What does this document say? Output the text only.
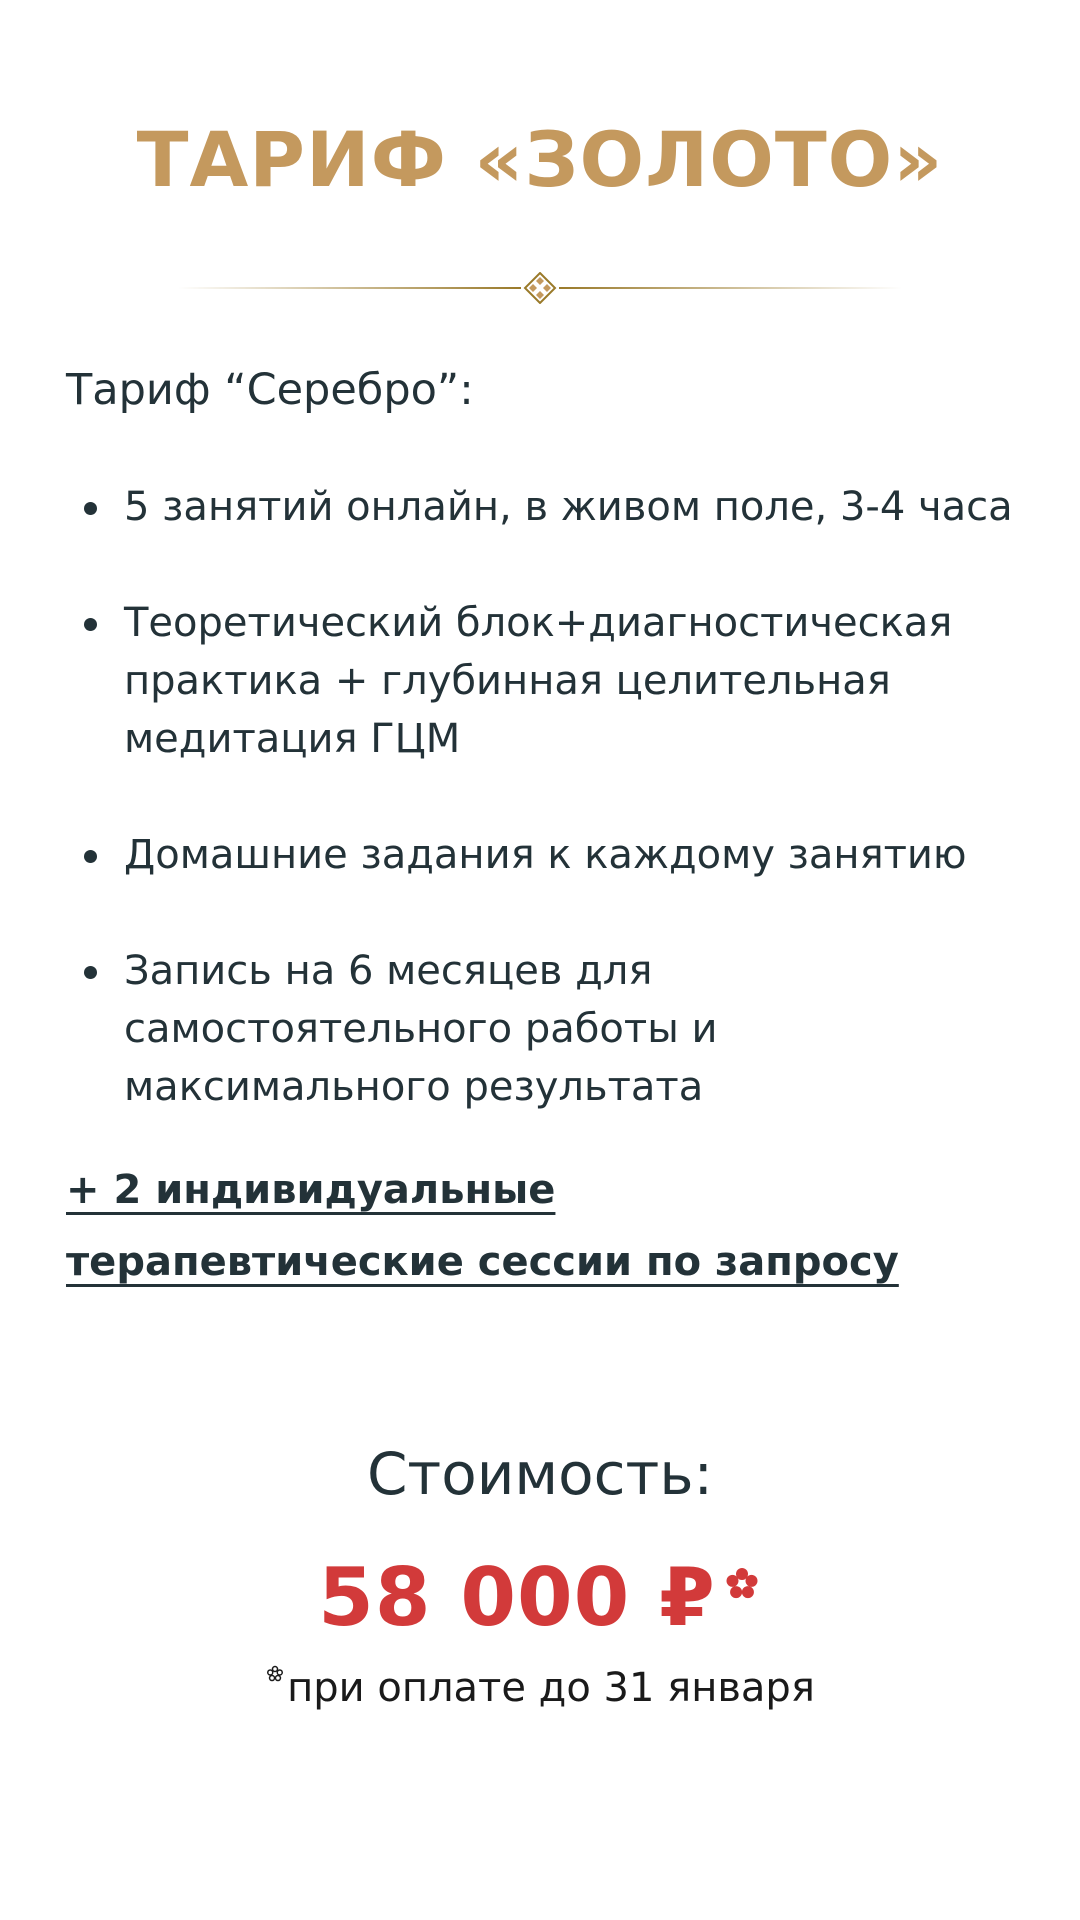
ТАРИФ «ЗОЛОТО»

Тариф “Серебро”:

5 занятий онлайн, в живом поле, 3-4 часа
Теоретический блок+диагностическая практика + глубинная целительная медитация ГЦМ
Домашние задания к каждому занятию
Запись на 6 месяцев для самостоятельного работы и максимального результата

+ 2 индивидуальные терапевтические сессии по запросу

Стоимость:

58 000 ₽

при оплате до 31 января
